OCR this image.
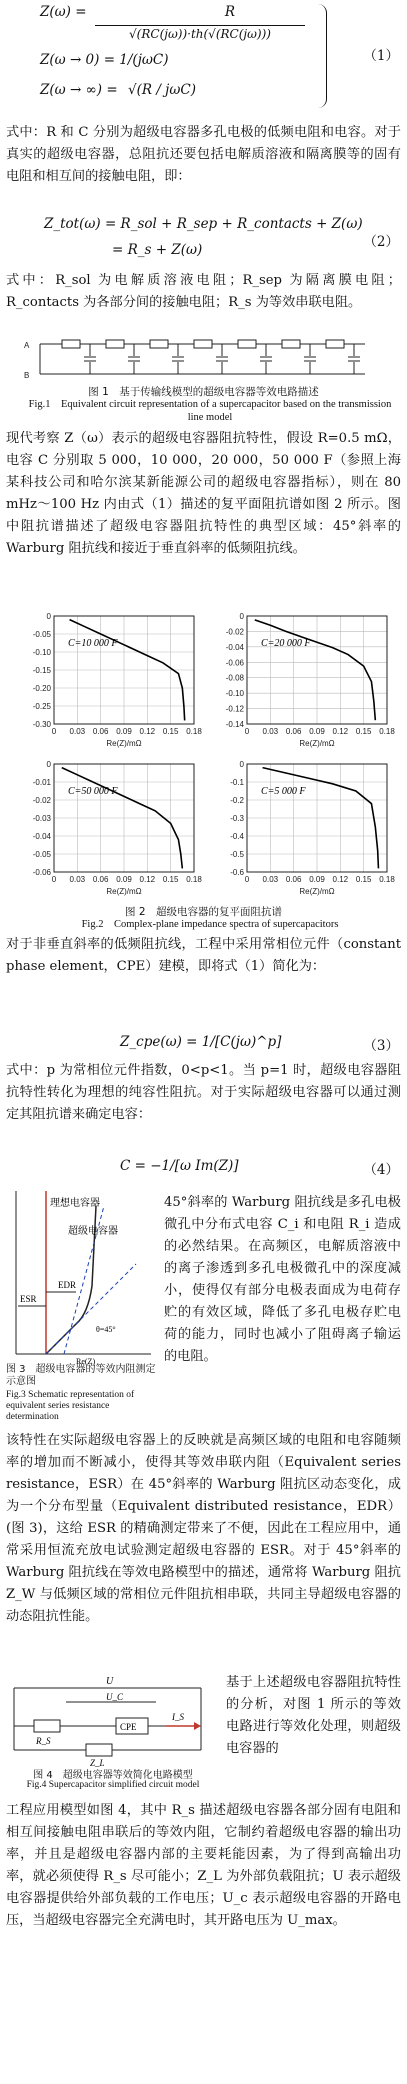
Z(ω) =	R
√(RC(jω))·th(√(RC(jω)))
Z(ω → 0) = 1/(jωC)
Z(ω → ∞) = √(R / jωC)
（1）
式中：R 和 C 分别为超级电容器多孔电极的低频电阻和电容。对于真实的超级电容器，总阻抗还要包括电解质溶液和隔离膜等的固有电阻和相互间的接触电阻，即：
Z_tot(ω) = R_sol + R_sep + R_contacts + Z(ω)
= R_s + Z(ω)	（2）
式中：R_sol 为电解质溶液电阻；R_sep 为隔离膜电阻；R_contacts 为各部分间的接触电阻；R_s 为等效串联电阻。
A
B
图 1　基于传输线模型的超级电容器等效电路描述
Fig.1　Equivalent circuit representation of a supercapacitor based on the transmission line model
现代考察 Z（ω）表示的超级电容器阻抗特性，假设 R=0.5 mΩ，电容 C 分别取 5 000，10 000，20 000，50 000 F（参照上海某科技公司和哈尔滨某新能源公司的超级电容器指标），则在 80 mHz～100 Hz 内由式（1）描述的复平面阻抗谱如图 2 所示。图中阻抗谱描述了超级电容器阻抗特性的典型区域：45°斜率的 Warburg 阻抗线和接近于垂直斜率的低频阻抗线。
0 0.03 0.06 0.09 0.12 0.15 0.18
0
-0.05
-0.10
-0.15
-0.20
-0.25
-0.30
C=10 000 F
Re(Z)/mΩ
0 0.03 0.06 0.09 0.12 0.15 0.18
0
-0.02
-0.04
-0.06
-0.08
-0.10
-0.12
-0.14
C=20 000 F
Re(Z)/mΩ
0 0.03 0.06 0.09 0.12 0.15 0.18
0
-0.01
-0.02
-0.03
-0.04
-0.05
-0.06
C=50 000 F
Re(Z)/mΩ
0 0.03 0.06 0.09 0.12 0.15 0.18
0
-0.1
-0.2
-0.3
-0.4
-0.5
-0.6
C=5 000 F
Re(Z)/mΩ
图 2　超级电容器的复平面阻抗谱
Fig.2　Complex-plane impedance spectra of supercapacitors
对于非垂直斜率的低频阻抗线，工程中采用常相位元件（constant phase element，CPE）建模，即将式（1）简化为：
Z_cpe(ω) = 1/[C(jω)^p]	（3）
式中：p 为常相位元件指数，0<p<1。当 p=1 时，超级电容器阻抗特性转化为理想的纯容性阻抗。对于实际超级电容器可以通过测定其阻抗谱来确定电容：
C = −1/[ω Im(Z)]	（4）
理想电容器
超级电容器
ESR
EDR
θ=45°
Re(Z)
图 3　超级电容器的等效内阻测定示意图
Fig.3 Schematic representation of equivalent series resistance determination
45°斜率的 Warburg 阻抗线是多孔电极微孔中分布式电容 C_i 和电阻 R_i 造成的必然结果。在高频区，电解质溶液中的离子渗透到多孔电极微孔中的深度减小，使得仅有部分电极表面成为电荷存贮的有效区域，降低了多孔电极存贮电荷的能力，同时也减小了阻碍离子输运的电阻。
该特性在实际超级电容器上的反映就是高频区域的电阻和电容随频率的增加而不断减小，使得其等效串联内阻（Equivalent series resistance，ESR）在 45°斜率的 Warburg 阻抗区动态变化，成为一个分布型量（Equivalent distributed resistance，EDR）(图 3)，这给 ESR 的精确测定带来了不便，因此在工程应用中，通常采用恒流充放电试验测定超级电容器的 ESR。对于 45°斜率的 Warburg 阻抗线在等效电路模型中的描述，通常将 Warburg 阻抗 Z_W 与低频区域的常相位元件阻抗相串联，共同主导超级电容器的动态阻抗性能。
U
U_C
CPE
I_S
R_S
Z_L
图 4　超级电容器等效简化电路模型
Fig.4 Supercapacitor simplified circuit model
基于上述超级电容器阻抗特性的分析，对图 1 所示的等效电路进行等效化处理，则超级电容器的
工程应用模型如图 4，其中 R_s 描述超级电容器各部分固有电阻和相互间接触电阻串联后的等效内阻，它制约着超级电容器的输出功率，并且是超级电容器内部的主要耗能因素，为了得到高输出功率，就必须使得 R_s 尽可能小；Z_L 为外部负载阻抗；U 表示超级电容器提供给外部负载的工作电压；U_c 表示超级电容器的开路电压，当超级电容器完全充满电时，其开路电压为 U_max。
